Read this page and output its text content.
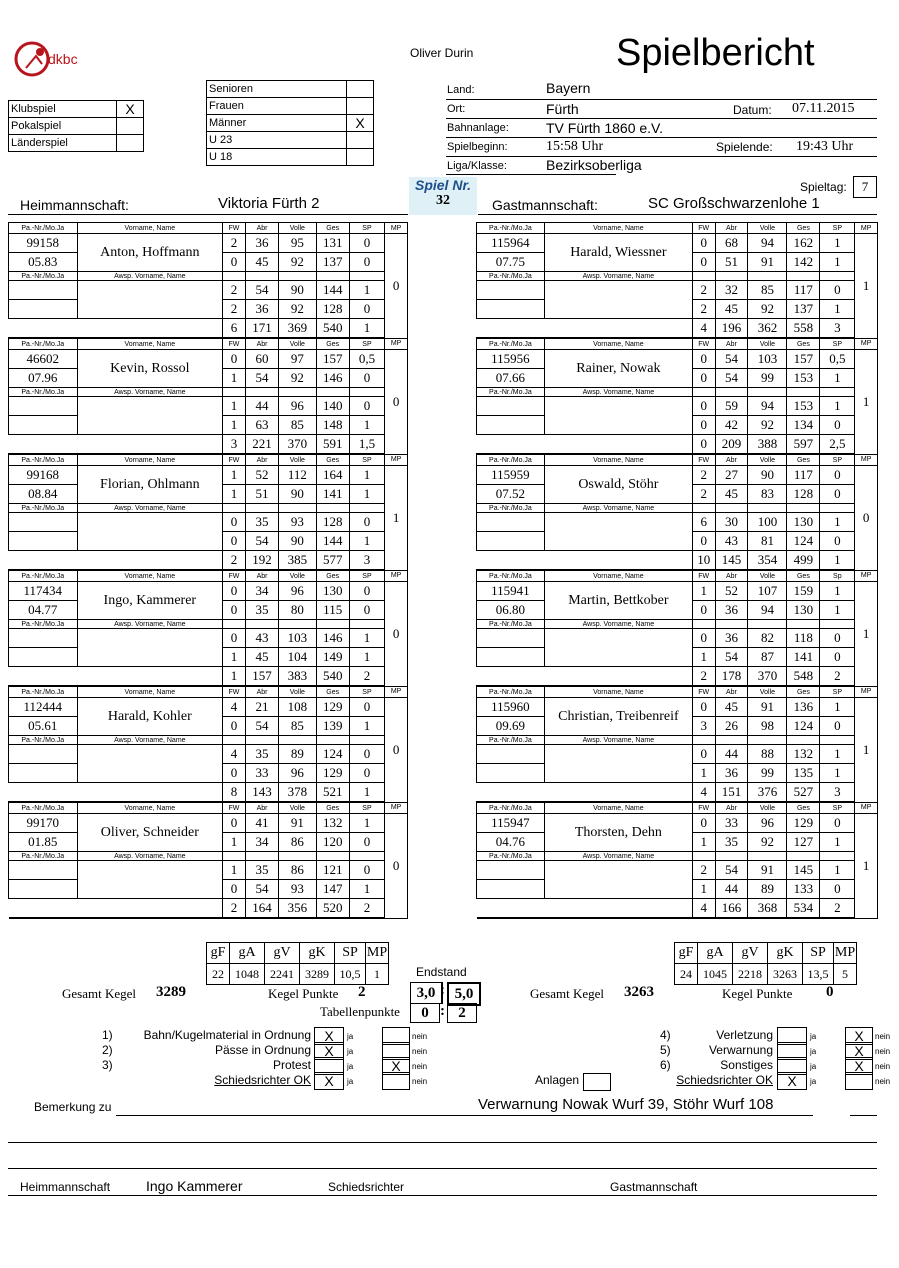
dkbc	Oliver Durin	Spielbericht
Klubspiel	X
Pokalspiel	
Länderspiel	
Senioren	
Frauen	
Männer	X
U 23	
U 18	
Land:	Bayern
Ort:	Fürth	Datum: 07.11.2015
Bahnanlage:	TV Fürth 1860 e.V.
Spielbeginn:	15:58 Uhr	Spielende: 19:43 Uhr
Liga/Klasse:	Bezirksoberliga
Spiel Nr.
32
Spieltag:	7
Heimmannschaft:	Viktoria Fürth 2	Gastmannschaft:	SC Großschwarzenlohe 1
Pa.-Nr./Mo.Ja	Vorname, Name	FW	Abr	Volle	Ges	SP	MP
99158	Anton, Hoffmann	2	36	95	131	0	0
05.83		0	45	92	137	0	
Pa.-Nr./Mo.Ja	Awsp. Vorname, Name						
		2	54	90	144	1	
		2	36	92	128	0	
		6	171	369	540	1	
Pa.-Nr./Mo.Ja	Vorname, Name	FW	Abr	Volle	Ges	SP	MP
46602	Kevin, Rossol	0	60	97	157	0,5	0
07.96		1	54	92	146	0	
Pa.-Nr./Mo.Ja	Awsp. Vorname, Name						
		1	44	96	140	0	
		1	63	85	148	1	
		3	221	370	591	1,5	
Pa.-Nr./Mo.Ja	Vorname, Name	FW	Abr	Volle	Ges	SP	MP
99168	Florian, Ohlmann	1	52	112	164	1	1
08.84		1	51	90	141	1	
Pa.-Nr./Mo.Ja	Awsp. Vorname, Name						
		0	35	93	128	0	
		0	54	90	144	1	
		2	192	385	577	3	
Pa.-Nr./Mo.Ja	Vorname, Name	FW	Abr	Volle	Ges	SP	MP
117434	Ingo, Kammerer	0	34	96	130	0	0
04.77		0	35	80	115	0	
Pa.-Nr./Mo.Ja	Awsp. Vorname, Name						
		0	43	103	146	1	
		1	45	104	149	1	
		1	157	383	540	2	
Pa.-Nr./Mo.Ja	Vorname, Name	FW	Abr	Volle	Ges	SP	MP
112444	Harald, Kohler	4	21	108	129	0	0
05.61		0	54	85	139	1	
Pa.-Nr./Mo.Ja	Awsp. Vorname, Name						
		4	35	89	124	0	
		0	33	96	129	0	
		8	143	378	521	1	
Pa.-Nr./Mo.Ja	Vorname, Name	FW	Abr	Volle	Ges	SP	MP
99170	Oliver, Schneider	0	41	91	132	1	0
01.85		1	34	86	120	0	
Pa.-Nr./Mo.Ja	Awsp. Vorname, Name						
		1	35	86	121	0	
		0	54	93	147	1	
		2	164	356	520	2	
Pa.-Nr./Mo.Ja	Vorname, Name	FW	Abr	Volle	Ges	SP	MP
115964	Harald, Wiessner	0	68	94	162	1	1
07.75		0	51	91	142	1	
Pa.-Nr./Mo.Ja	Awsp. Vorname, Name						
		2	32	85	117	0	
		2	45	92	137	1	
		4	196	362	558	3	
Pa.-Nr./Mo.Ja	Vorname, Name	FW	Abr	Volle	Ges	SP	MP
115956	Rainer, Nowak	0	54	103	157	0,5	1
07.66		0	54	99	153	1	
Pa.-Nr./Mo.Ja	Awsp. Vorname, Name						
		0	59	94	153	1	
		0	42	92	134	0	
		0	209	388	597	2,5	
Pa.-Nr./Mo.Ja	Vorname, Name	FW	Abr	Volle	Ges	SP	MP
115959	Oswald, Stöhr	2	27	90	117	0	0
07.52		2	45	83	128	0	
Pa.-Nr./Mo.Ja	Awsp. Vorname, Name						
		6	30	100	130	1	
		0	43	81	124	0	
		10	145	354	499	1	
Pa.-Nr./Mo.Ja	Vorname, Name	FW	Abr	Volle	Ges	Sp	MP
115941	Martin, Bettkober	1	52	107	159	1	1
06.80		0	36	94	130	1	
Pa.-Nr./Mo.Ja	Awsp. Vorname, Name						
		0	36	82	118	0	
		1	54	87	141	0	
		2	178	370	548	2	
Pa.-Nr./Mo.Ja	Vorname, Name	FW	Abr	Volle	Ges	SP	MP
115960	Christian, Treibenreif	0	45	91	136	1	1
09.69		3	26	98	124	0	
Pa.-Nr./Mo.Ja	Awsp. Vorname, Name						
		0	44	88	132	1	
		1	36	99	135	1	
		4	151	376	527	3	
Pa.-Nr./Mo.Ja	Vorname, Name	FW	Abr	Volle	Ges	SP	MP
115947	Thorsten, Dehn	0	33	96	129	0	1
04.76		1	35	92	127	1	
Pa.-Nr./Mo.Ja	Awsp. Vorname, Name						
		2	54	91	145	1	
		1	44	89	133	0	
		4	166	368	534	2	
gF	gA	gV	gK	SP	MP
22	1048	2241	3289	10,5	1
gF	gA	gV	gK	SP	MP
24	1045	2218	3263	13,5	5
Endstand
Gesamt Kegel 3289	Kegel Punkte 2	3,0 : 5,0
Tabellenpunkte	0 : 2
Gesamt Kegel 3263	Kegel Punkte 0
1)	Bahn/Kugelmaterial in Ordnung X	ja	nein
2)	Pässe in Ordnung X	ja	nein
3)	Protest	ja	X	nein
Schiedsrichter OK X	ja	nein
4)	Verletzung	ja	X	nein
5)	Verwarnung	ja	X	nein
6)	Sonstiges	ja	X	nein
Schiedsrichter OK	X	ja	nein
Anlagen
Bemerkung zu	Verwarnung Nowak Wurf 39, Stöhr Wurf 108
Heimmannschaft	Ingo Kammerer	Schiedsrichter	Gastmannschaft
